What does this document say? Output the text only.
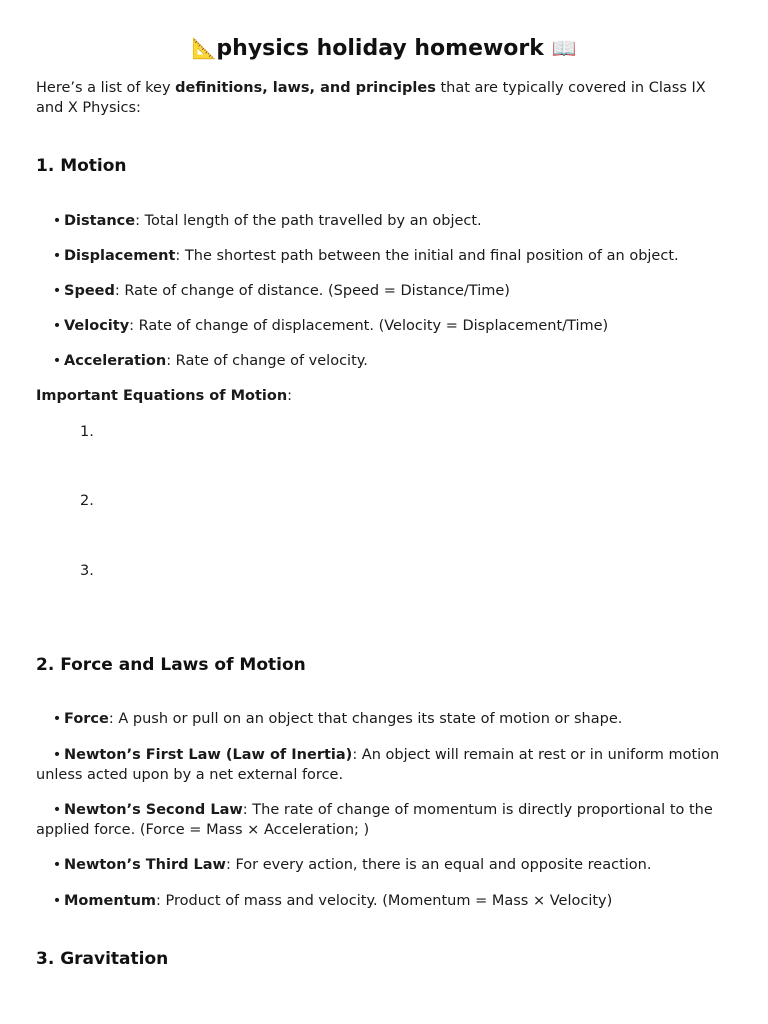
📐physics holiday homework 📖

Here’s a list of key definitions, laws, and principles that are typically covered in Class IX and X Physics:

1. Motion

• Distance: Total length of the path travelled by an object.

• Displacement: The shortest path between the initial and final position of an object.

• Speed: Rate of change of distance. (Speed = Distance/Time)

• Velocity: Rate of change of displacement. (Velocity = Displacement/Time)

• Acceleration: Rate of change of velocity.

Important Equations of Motion:

1.
2.
3.
2. Force and Laws of Motion

• Force: A push or pull on an object that changes its state of motion or shape.

• Newton’s First Law (Law of Inertia): An object will remain at rest or in uniform motion unless acted upon by a net external force.

• Newton’s Second Law: The rate of change of momentum is directly proportional to the applied force. (Force = Mass × Acceleration; )

• Newton’s Third Law: For every action, there is an equal and opposite reaction.

• Momentum: Product of mass and velocity. (Momentum = Mass × Velocity)

3. Gravitation
